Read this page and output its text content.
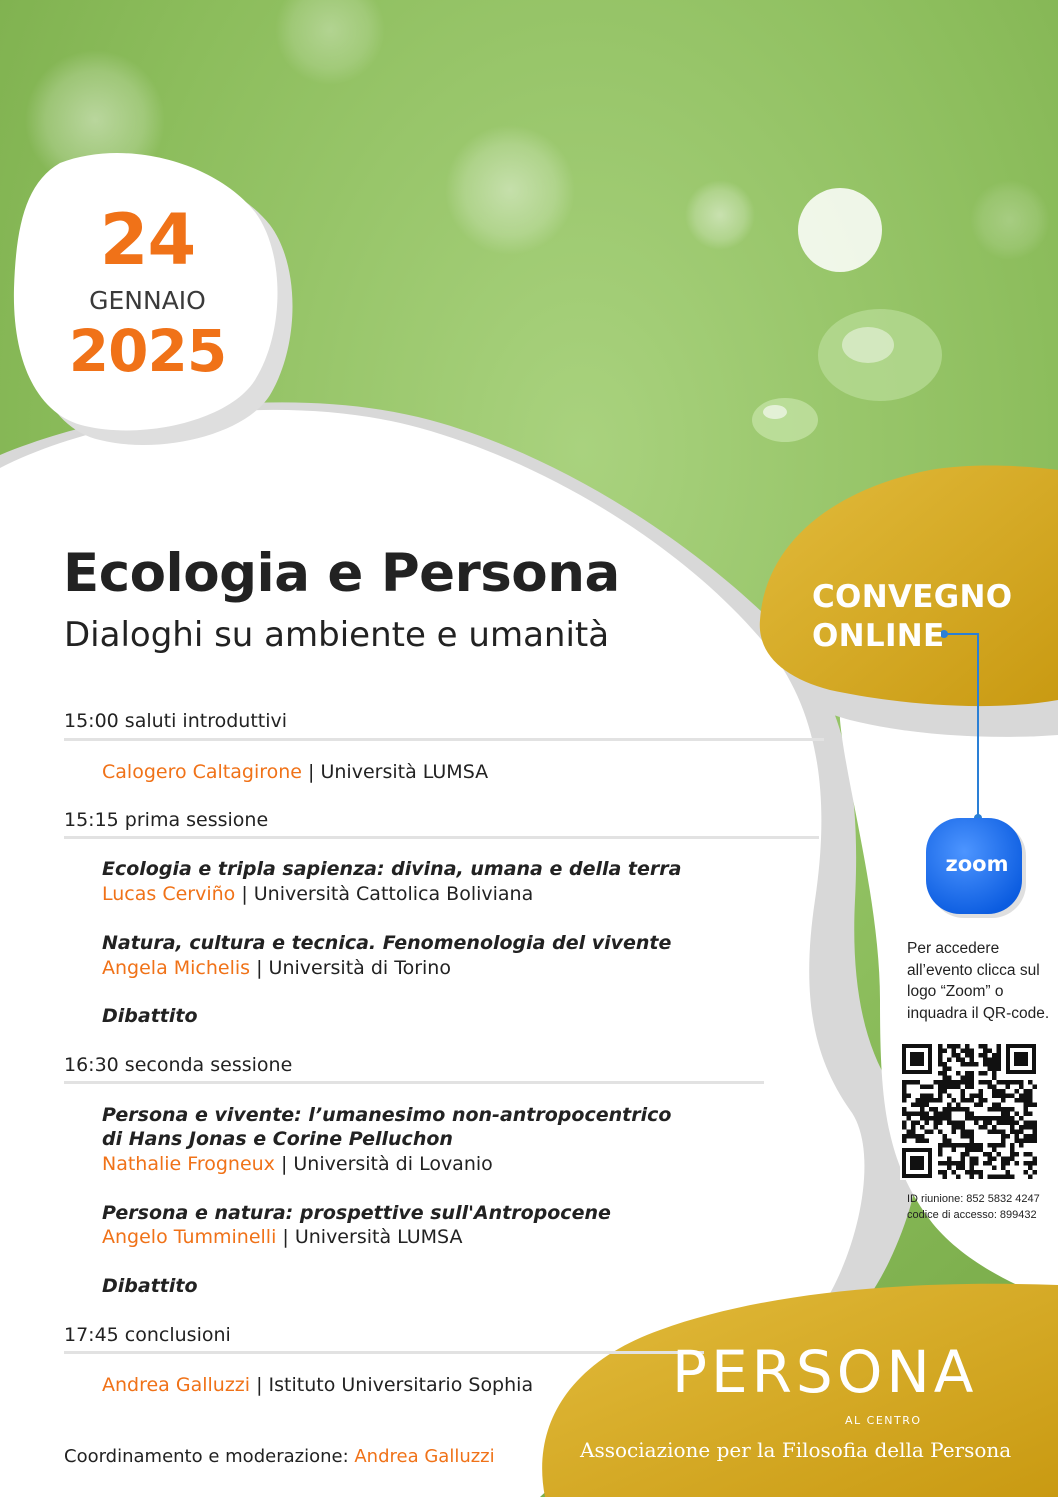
24
GENNAIO
2025
Ecologia e Persona
Dialoghi su ambiente e umanità
15:00 saluti introduttivi
Calogero Caltagirone | Università LUMSA
15:15 prima sessione
Ecologia e tripla sapienza: divina, umana e della terra
Lucas Cerviño | Università Cattolica Boliviana
Natura, cultura e tecnica. Fenomenologia del vivente
Angela Michelis | Università di Torino
Dibattito
16:30 seconda sessione
Persona e vivente: l’umanesimo non-antropocentrico
di Hans Jonas e Corine Pelluchon
Nathalie Frogneux | Università di Lovanio
Persona e natura: prospettive sull'Antropocene
Angelo Tumminelli | Università LUMSA
Dibattito
17:45 conclusioni
Andrea Galluzzi | Istituto Universitario Sophia
Coordinamento e moderazione: Andrea Galluzzi
CONVEGNO
ONLINE
zoom
Per accedere all’evento clicca sul logo “Zoom” o inquadra il QR-code.
ID riunione: 852 5832 4247
codice di accesso: 899432
PERSONA
AL CENTRO
Associazione per la Filosofia della Persona
